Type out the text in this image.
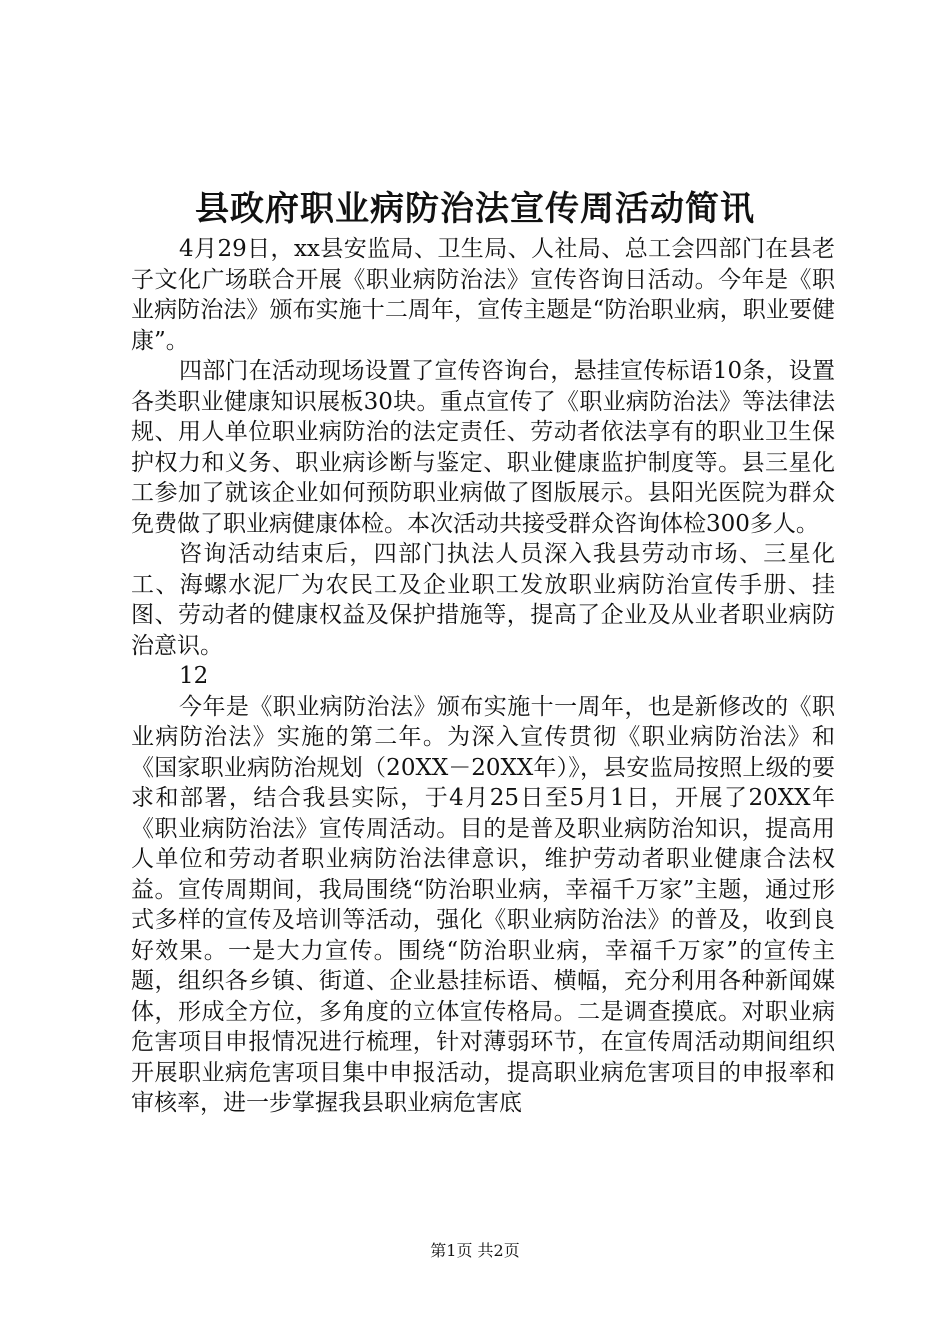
县政府职业病防治法宣传周活动简讯

4月29日，xx县安监局、卫生局、人社局、总工会四部门在县老子文化广场联合开展《职业病防治法》宣传咨询日活动。今年是《职业病防治法》颁布实施十二周年，宣传主题是“防治职业病，职业要健康”。

四部门在活动现场设置了宣传咨询台，悬挂宣传标语10条，设置各类职业健康知识展板30块。重点宣传了《职业病防治法》等法律法规、用人单位职业病防治的法定责任、劳动者依法享有的职业卫生保护权力和义务、职业病诊断与鉴定、职业健康监护制度等。县三星化工参加了就该企业如何预防职业病做了图版展示。县阳光医院为群众免费做了职业病健康体检。本次活动共接受群众咨询体检300多人。

咨询活动结束后，四部门执法人员深入我县劳动市场、三星化工、海螺水泥厂为农民工及企业职工发放职业病防治宣传手册、挂图、劳动者的健康权益及保护措施等，提高了企业及从业者职业病防治意识。

12

今年是《职业病防治法》颁布实施十一周年，也是新修改的《职业病防治法》实施的第二年。为深入宣传贯彻《职业病防治法》和《国家职业病防治规划（20XX－20XX年）》，县安监局按照上级的要求和部署，结合我县实际，于4月25日至5月1日，开展了20XX年《职业病防治法》宣传周活动。目的是普及职业病防治知识，提高用人单位和劳动者职业病防治法律意识，维护劳动者职业健康合法权益。宣传周期间，我局围绕“防治职业病，幸福千万家”主题，通过形式多样的宣传及培训等活动，强化《职业病防治法》的普及，收到良好效果。一是大力宣传。围绕“防治职业病，幸福千万家”的宣传主题，组织各乡镇、街道、企业悬挂标语、横幅，充分利用各种新闻媒体，形成全方位，多角度的立体宣传格局。二是调查摸底。对职业病危害项目申报情况进行梳理，针对薄弱环节，在宣传周活动期间组织开展职业病危害项目集中申报活动，提高职业病危害项目的申报率和审核率，进一步掌握我县职业病危害底

第1页 共2页
